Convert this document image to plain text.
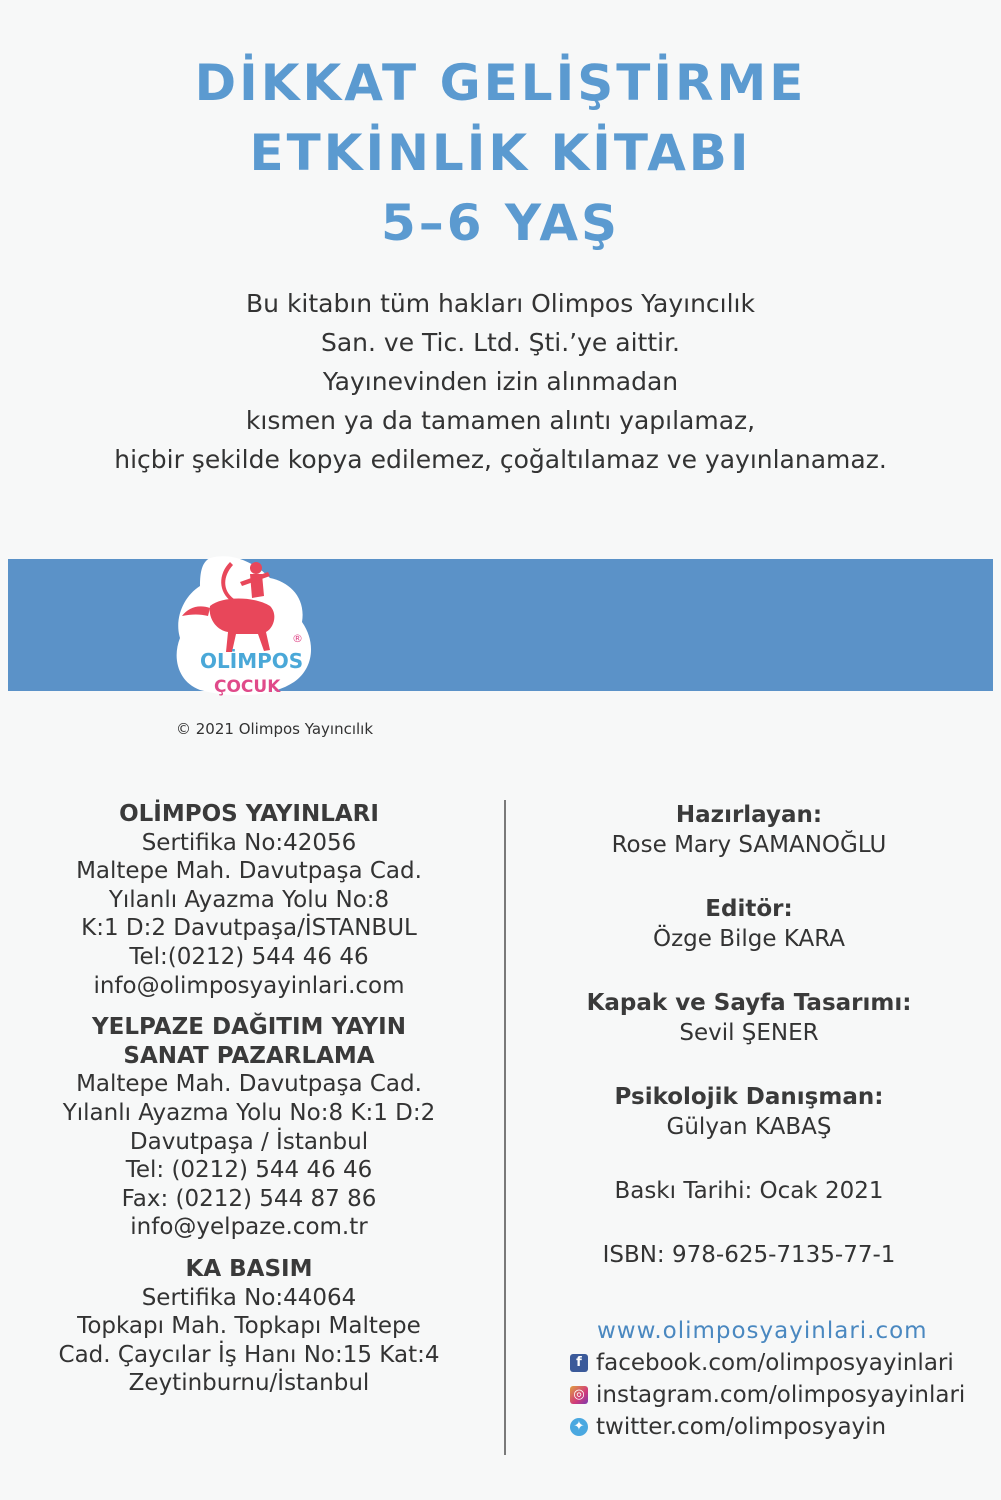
DİKKAT GELİŞTİRME
ETKİNLİK KİTABI
5–6 YAŞ
Bu kitabın tüm hakları Olimpos Yayıncılık
San. ve Tic. Ltd. Şti.’ye aittir.
Yayınevinden izin alınmadan
kısmen ya da tamamen alıntı yapılamaz,
hiçbir şekilde kopya edilemez, çoğaltılamaz ve yayınlanamaz.
OLİMPOS
ÇOCUK
®
© 2021 Olimpos Yayıncılık
OLİMPOS YAYINLARI
Sertifika No:42056
Maltepe Mah. Davutpaşa Cad.
Yılanlı Ayazma Yolu No:8
K:1 D:2 Davutpaşa/İSTANBUL
Tel:(0212) 544 46 46
info@olimposyayinlari.com
YELPAZE DAĞITIM YAYIN
SANAT PAZARLAMA
Maltepe Mah. Davutpaşa Cad.
Yılanlı Ayazma Yolu No:8 K:1 D:2
Davutpaşa / İstanbul
Tel: (0212) 544 46 46
Fax: (0212) 544 87 86
info@yelpaze.com.tr
KA BASIM
Sertifika No:44064
Topkapı Mah. Topkapı Maltepe
Cad. Çaycılar İş Hanı No:15 Kat:4
Zeytinburnu/İstanbul
Hazırlayan:
Rose Mary SAMANOĞLU
Editör:
Özge Bilge KARA
Kapak ve Sayfa Tasarımı:
Sevil ŞENER
Psikolojik Danışman:
Gülyan KABAŞ
Baskı Tarihi: Ocak 2021
ISBN: 978-625-7135-77-1
www.olimposyayinlari.com
f facebook.com/olimposyayinlari
◎ instagram.com/olimposyayinlari
✦ twitter.com/olimposyayin
